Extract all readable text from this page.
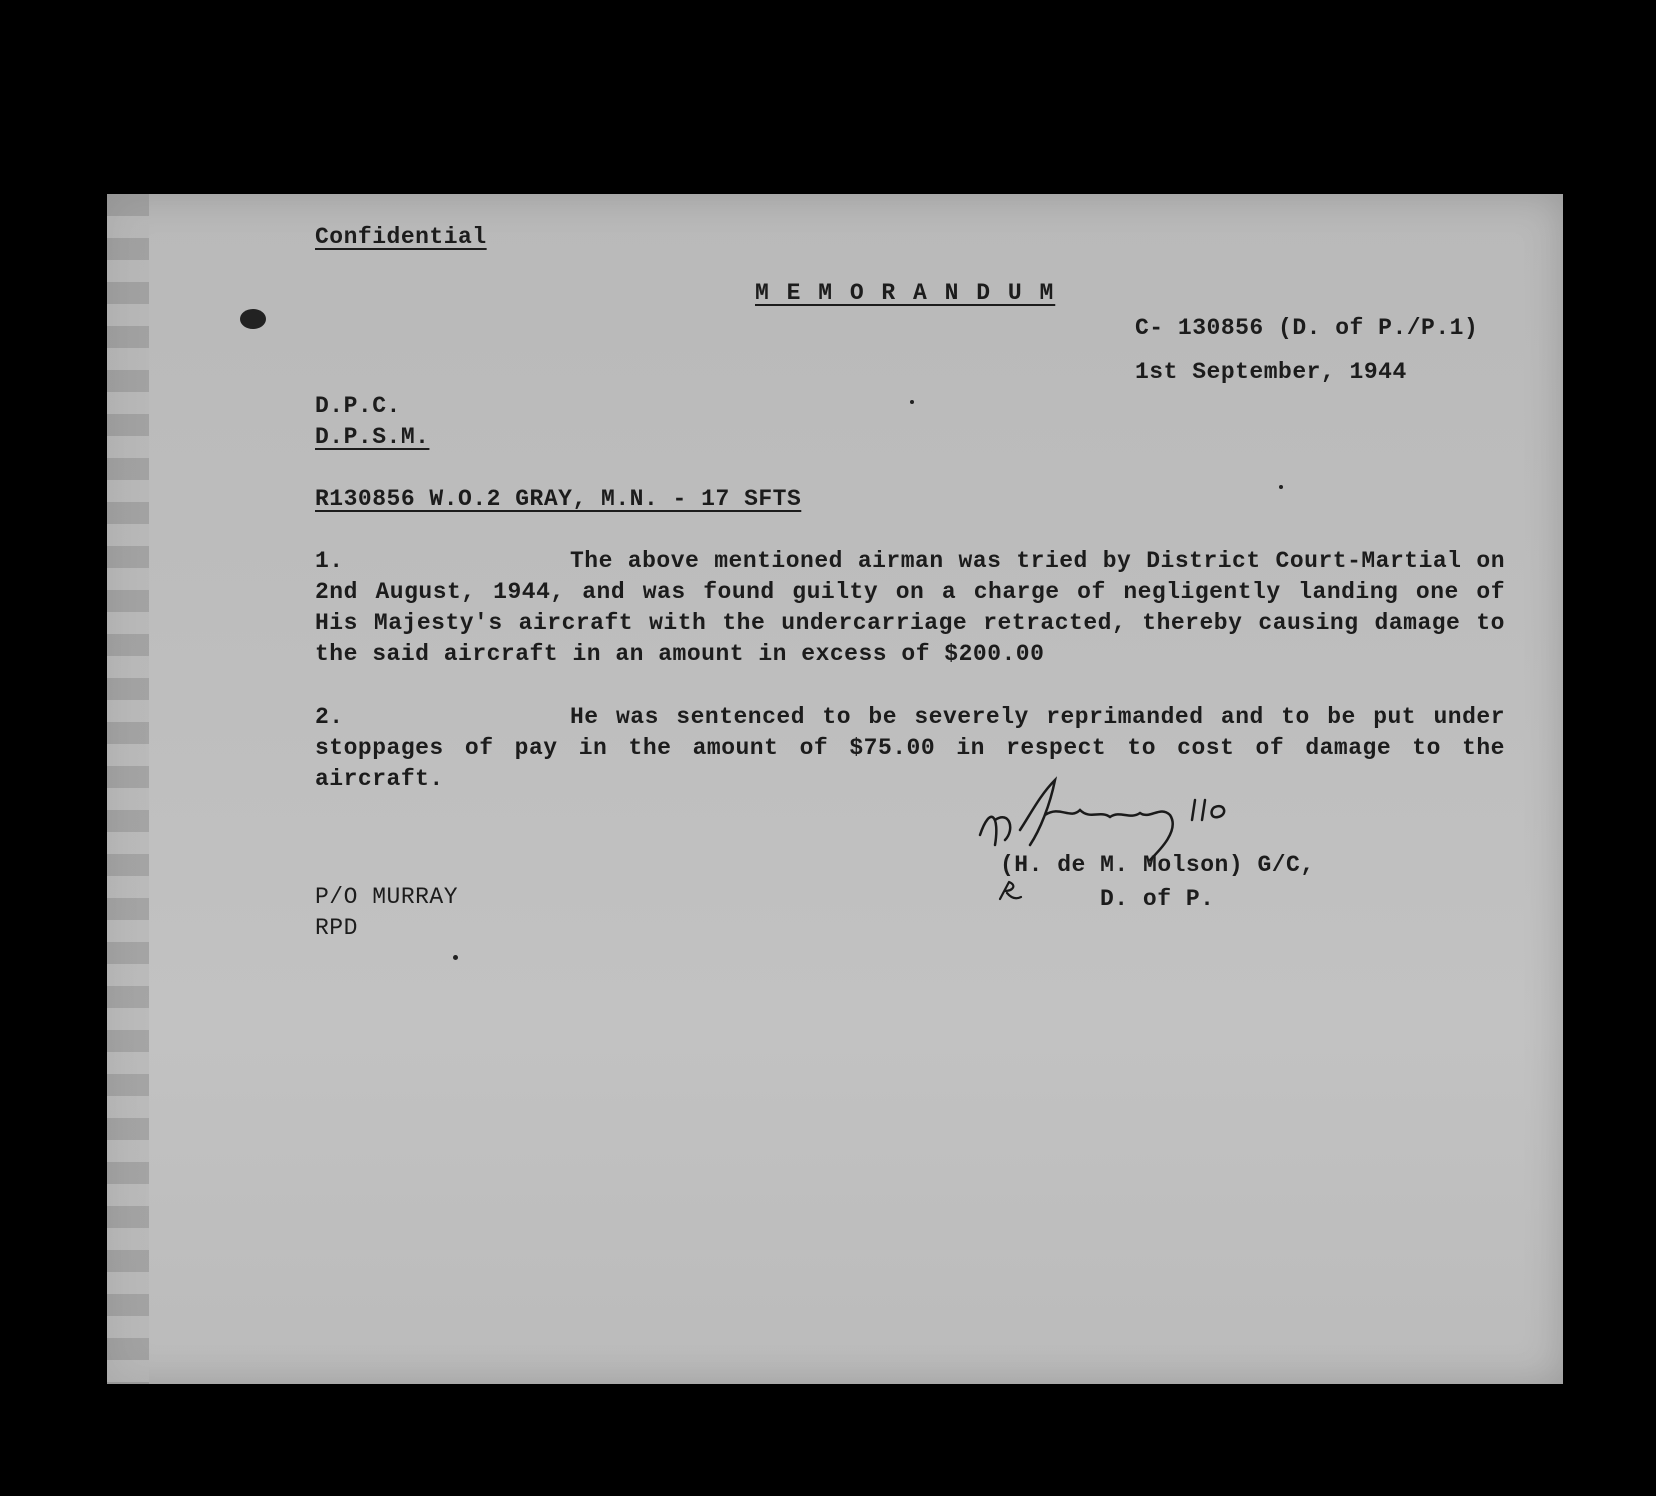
Confidential
M E M O R A N D U M
C- 130856 (D. of P./P.1)
1st September, 1944
D.P.C.
D.P.S.M.
R130856 W.O.2 GRAY, M.N. - 17 SFTS
1.	The above mentioned airman was tried by District Court-Martial on 2nd August, 1944, and was found guilty on a charge of negligently landing one of His Majesty's aircraft with the undercarriage retracted, thereby causing damage to the said aircraft in an amount in excess of $200.00
2.	He was sentenced to be severely reprimanded and to be put under stoppages of pay in the amount of $75.00 in respect to cost of damage to the aircraft.

(H. de M. Molson) G/C,
D. of P.
P/O MURRAY
RPD
